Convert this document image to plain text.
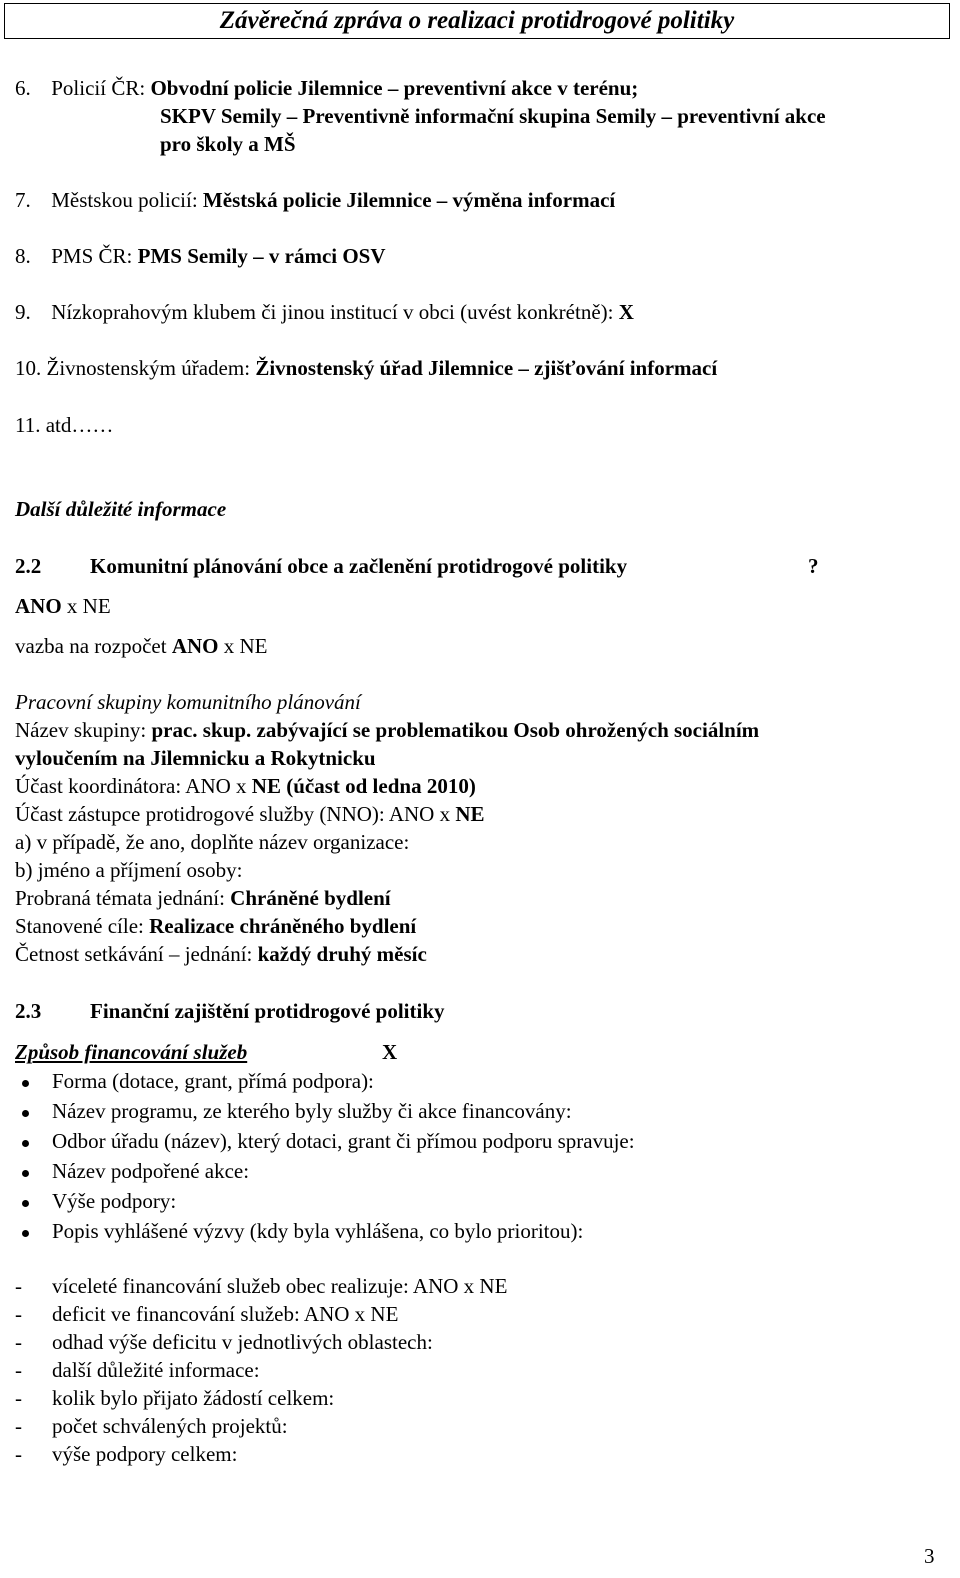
Závěrečná zpráva o realizaci protidrogové politiky
6. Policií ČR: Obvodní policie Jilemnice – preventivní akce v terénu;
SKPV Semily – Preventivně informační skupina Semily – preventivní akce
pro školy a MŠ
7. Městskou policií: Městská policie Jilemnice – výměna informací
8. PMS ČR: PMS Semily – v rámci OSV
9. Nízkoprahovým klubem či jinou institucí v obci (uvést konkrétně): X
10. Živnostenským úřadem: Živnostenský úřad Jilemnice – zjišťování informací
11. atd……
Další důležité informace
2.2 Komunitní plánování obce a začlenění protidrogové politiky	?
ANO x NE
vazba na rozpočet ANO x NE
Pracovní skupiny komunitního plánování
Název skupiny: prac. skup. zabývající se problematikou Osob ohrožených sociálním
vyloučením na Jilemnicku a Rokytnicku
Účast koordinátora: ANO x NE (účast od ledna 2010)
Účast zástupce protidrogové služby (NNO): ANO x NE
a) v případě, že ano, doplňte název organizace:
b) jméno a příjmení osoby:
Probraná témata jednání: Chráněné bydlení
Stanovené cíle: Realizace chráněného bydlení
Četnost setkávání – jednání: každý druhý měsíc
2.3 Finanční zajištění protidrogové politiky
Způsob financování služeb	X
Forma (dotace, grant, přímá podpora):
Název programu, ze kterého byly služby či akce financovány:
Odbor úřadu (název), který dotaci, grant či přímou podporu spravuje:
Název podpořené akce:
Výše podpory:
Popis vyhlášené výzvy (kdy byla vyhlášena, co bylo prioritou):
- víceleté financování služeb obec realizuje: ANO x NE
- deficit ve financování služeb: ANO x NE
- odhad výše deficitu v jednotlivých oblastech:
- další důležité informace:
- kolik bylo přijato žádostí celkem:
- počet schválených projektů:
- výše podpory celkem:
3
